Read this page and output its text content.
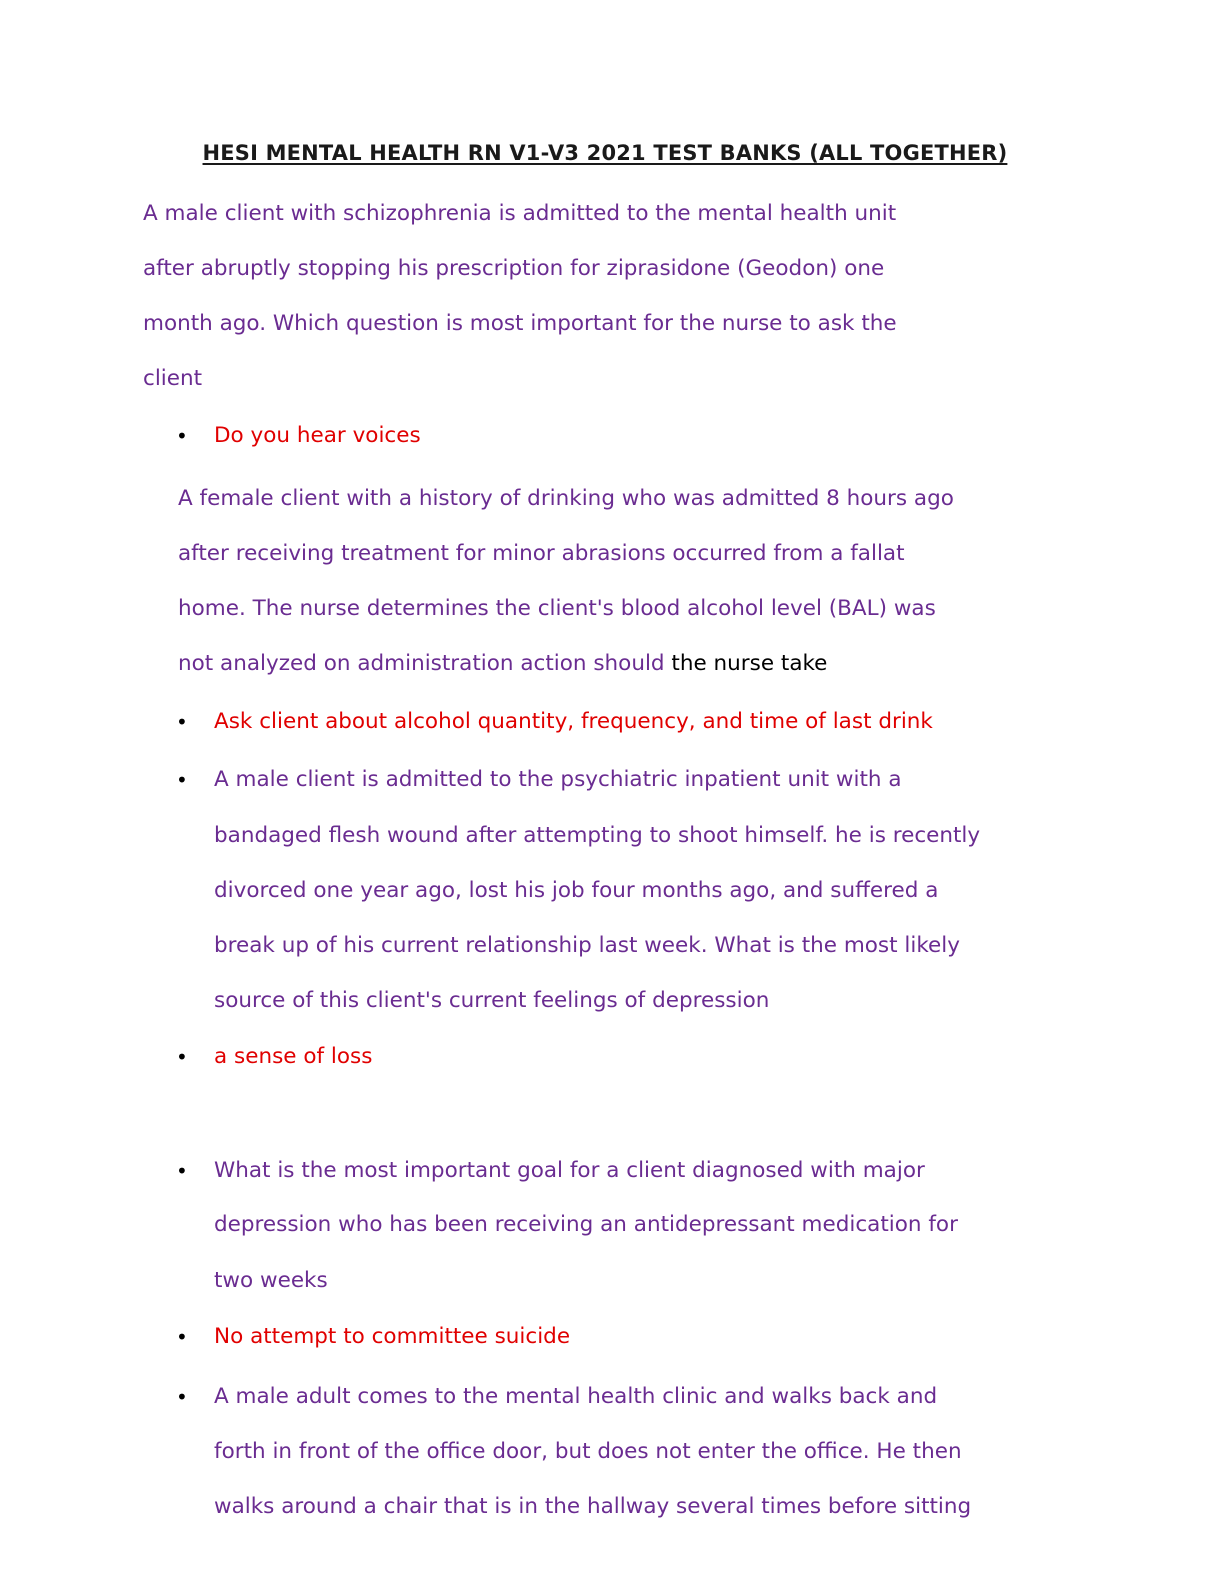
HESI MENTAL HEALTH RN V1-V3 2021 TEST BANKS (ALL TOGETHER)
A male client with schizophrenia is admitted to the mental health unit
after abruptly stopping his prescription for ziprasidone (Geodon) one
month ago. Which question is most important for the nurse to ask the
client
• Do you hear voices
A female client with a history of drinking who was admitted 8 hours ago
after receiving treatment for minor abrasions occurred from a fallat
home. The nurse determines the client's blood alcohol level (BAL) was
not analyzed on administration action should the nurse take
• Ask client about alcohol quantity, frequency, and time of last drink
• A male client is admitted to the psychiatric inpatient unit with a
bandaged flesh wound after attempting to shoot himself. he is recently
divorced one year ago, lost his job four months ago, and suffered a
break up of his current relationship last week. What is the most likely
source of this client's current feelings of depression
• a sense of loss
• What is the most important goal for a client diagnosed with major
depression who has been receiving an antidepressant medication for
two weeks
• No attempt to committee suicide
• A male adult comes to the mental health clinic and walks back and
forth in front of the office door, but does not enter the office. He then
walks around a chair that is in the hallway several times before sitting
